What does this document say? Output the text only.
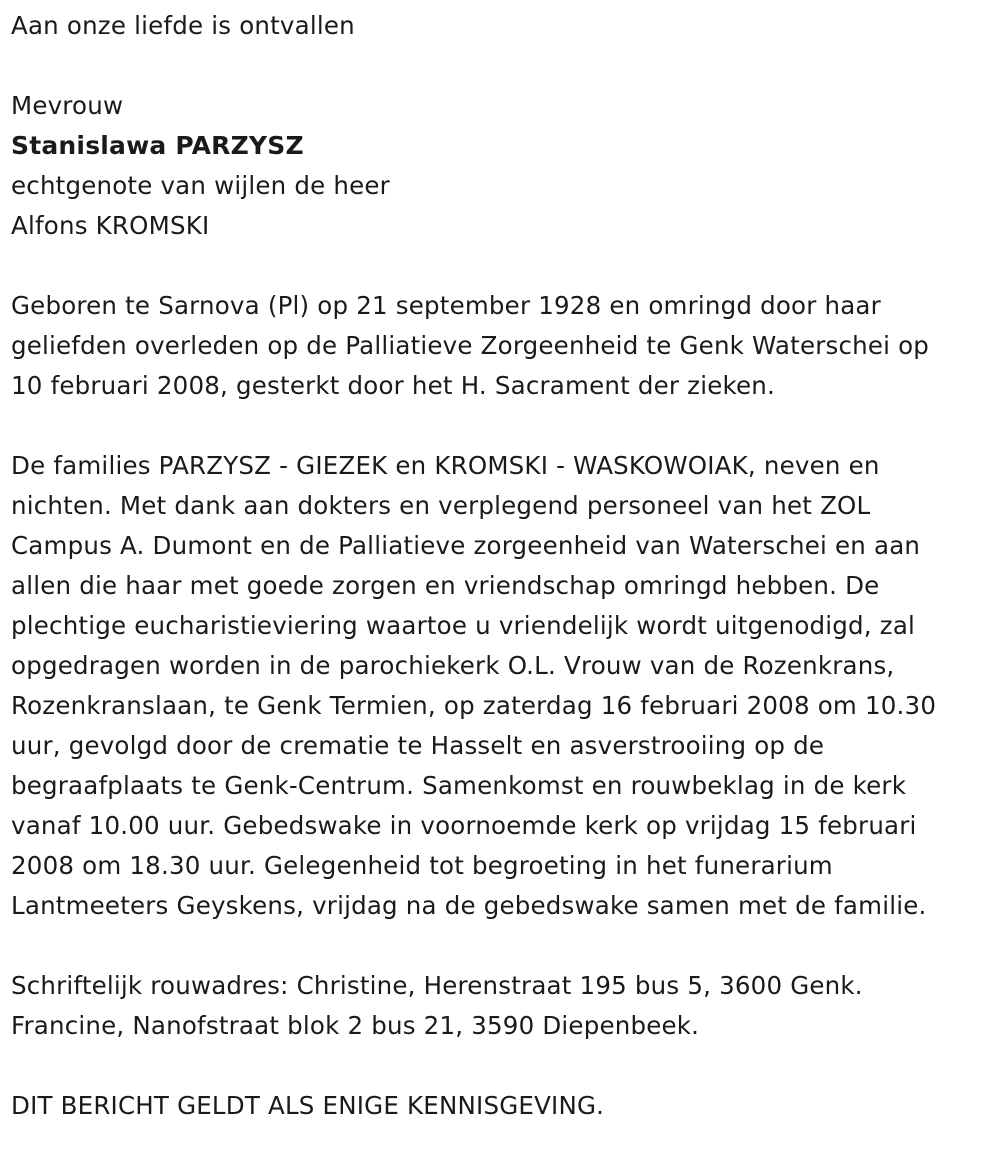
Aan onze liefde is ontvallen
Mevrouw
Stanislawa PARZYSZ
echtgenote van wijlen de heer
Alfons KROMSKI
Geboren te Sarnova (Pl) op 21 september 1928 en omringd door haar
geliefden overleden op de Palliatieve Zorgeenheid te Genk Waterschei op
10 februari 2008, gesterkt door het H. Sacrament der zieken.
De families PARZYSZ - GIEZEK en KROMSKI - WASKOWOIAK, neven en
nichten. Met dank aan dokters en verplegend personeel van het ZOL
Campus A. Dumont en de Palliatieve zorgeenheid van Waterschei en aan
allen die haar met goede zorgen en vriendschap omringd hebben. De
plechtige eucharistieviering waartoe u vriendelijk wordt uitgenodigd, zal
opgedragen worden in de parochiekerk O.L. Vrouw van de Rozenkrans,
Rozenkranslaan, te Genk Termien, op zaterdag 16 februari 2008 om 10.30
uur, gevolgd door de crematie te Hasselt en asverstrooiing op de
begraafplaats te Genk-Centrum. Samenkomst en rouwbeklag in de kerk
vanaf 10.00 uur. Gebedswake in voornoemde kerk op vrijdag 15 februari
2008 om 18.30 uur. Gelegenheid tot begroeting in het funerarium
Lantmeeters Geyskens, vrijdag na de gebedswake samen met de familie.
Schriftelijk rouwadres: Christine, Herenstraat 195 bus 5, 3600 Genk.
Francine, Nanofstraat blok 2 bus 21, 3590 Diepenbeek.
DIT BERICHT GELDT ALS ENIGE KENNISGEVING.
